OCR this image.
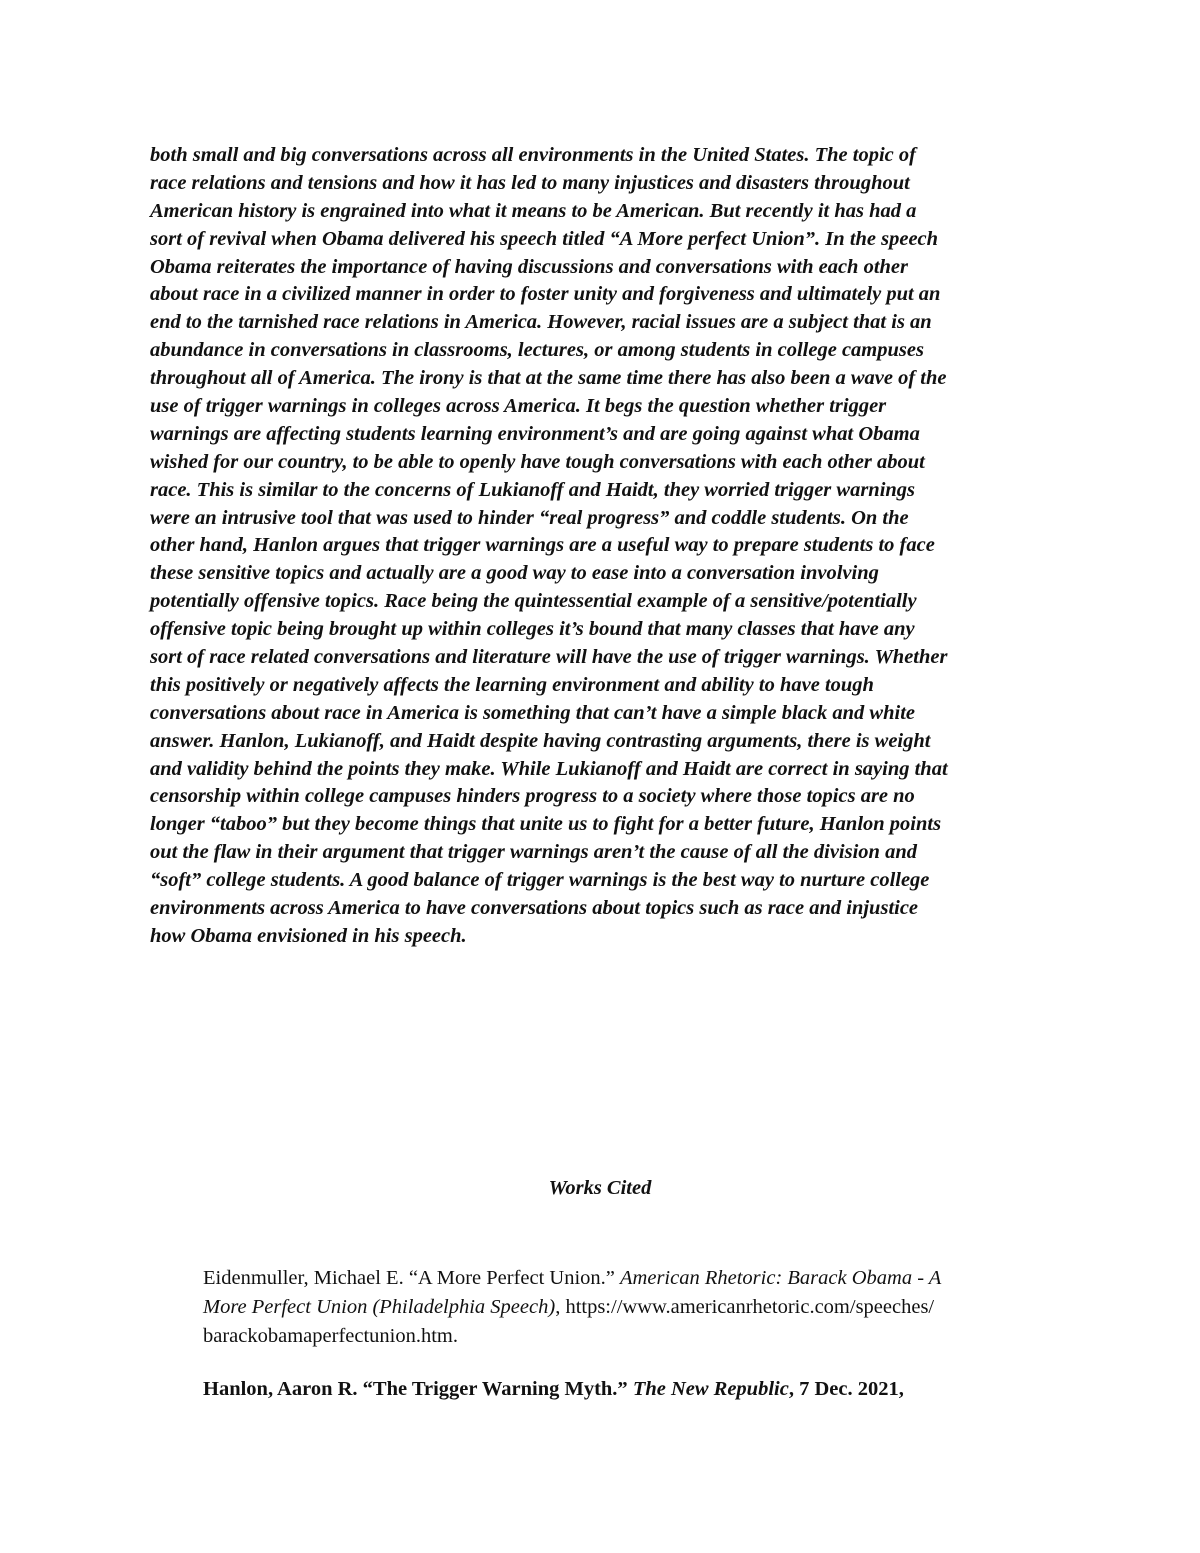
both small and big conversations across all environments in the United States. The topic of
race relations and tensions and how it has led to many injustices and disasters throughout
American history is engrained into what it means to be American. But recently it has had a
sort of revival when Obama delivered his speech titled “A More perfect Union”. In the speech
Obama reiterates the importance of having discussions and conversations with each other
about race in a civilized manner in order to foster unity and forgiveness and ultimately put an
end to the tarnished race relations in America. However, racial issues are a subject that is an
abundance in conversations in classrooms, lectures, or among students in college campuses
throughout all of America. The irony is that at the same time there has also been a wave of the
use of trigger warnings in colleges across America. It begs the question whether trigger
warnings are affecting students learning environment’s and are going against what Obama
wished for our country, to be able to openly have tough conversations with each other about
race. This is similar to the concerns of Lukianoff and Haidt, they worried trigger warnings
were an intrusive tool that was used to hinder “real progress” and coddle students. On the
other hand, Hanlon argues that trigger warnings are a useful way to prepare students to face
these sensitive topics and actually are a good way to ease into a conversation involving
potentially offensive topics. Race being the quintessential example of a sensitive/potentially
offensive topic being brought up within colleges it’s bound that many classes that have any
sort of race related conversations and literature will have the use of trigger warnings. Whether
this positively or negatively affects the learning environment and ability to have tough
conversations about race in America is something that can’t have a simple black and white
answer. Hanlon, Lukianoff, and Haidt despite having contrasting arguments, there is weight
and validity behind the points they make. While Lukianoff and Haidt are correct in saying that
censorship within college campuses hinders progress to a society where those topics are no
longer “taboo” but they become things that unite us to fight for a better future, Hanlon points
out the flaw in their argument that trigger warnings aren’t the cause of all the division and
“soft” college students. A good balance of trigger warnings is the best way to nurture college
environments across America to have conversations about topics such as race and injustice
how Obama envisioned in his speech.
Works Cited
Eidenmuller, Michael E. “A More Perfect Union.” American Rhetoric: Barack Obama - A
More Perfect Union (Philadelphia Speech), https://www.americanrhetoric.com/speeches/
barackobamaperfectunion.htm.
Hanlon, Aaron R. “The Trigger Warning Myth.” The New Republic, 7 Dec. 2021,
